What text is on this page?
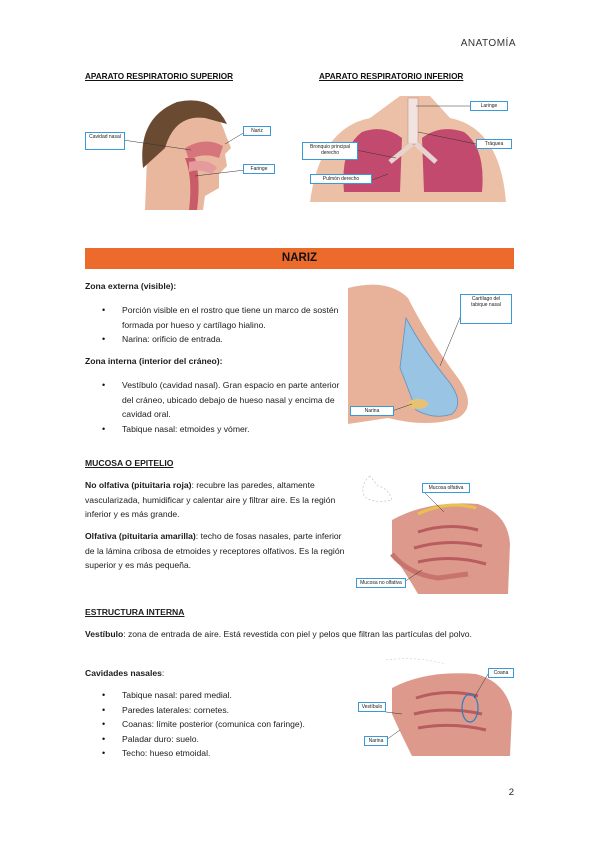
ANATOMÍA
APARATO RESPIRATORIO SUPERIOR	APARATO RESPIRATORIO INFERIOR
Cavidad nasal
Nariz
Faringe
Laringe
Tráquea
Bronquio principal derecho
Pulmón derecho
NARIZ
Zona externa (visible):
• Porción visible en el rostro que tiene un marco de sostén formada por hueso y cartílago hialino.
• Narina: orificio de entrada.
Zona interna (interior del cráneo):
• Vestíbulo (cavidad nasal). Gran espacio en parte anterior del cráneo, ubicado debajo de hueso nasal y encima de cavidad oral.
• Tabique nasal: etmoides y vómer.
Cartílago del tabique nasal
Narina
MUCOSA O EPITELIO
No olfativa (pituitaria roja): recubre las paredes, altamente vascularizada, humidificar y calentar aire y filtrar aire. Es la región inferior y es más grande.
Olfativa (pituitaria amarilla): techo de fosas nasales, parte inferior de la lámina cribosa de etmoides y receptores olfativos. Es la región superior y es más pequeña.
Mucosa olfativa
Mucosa no olfativa
ESTRUCTURA INTERNA
Vestíbulo: zona de entrada de aire. Está revestida con piel y pelos que filtran las partículas del polvo.
Cavidades nasales:
• Tabique nasal: pared medial.
• Paredes laterales: cornetes.
• Coanas: límite posterior (comunica con faringe).
• Paladar duro: suelo.
• Techo: hueso etmoidal.
Coana
Vestíbulo
Narina
2
